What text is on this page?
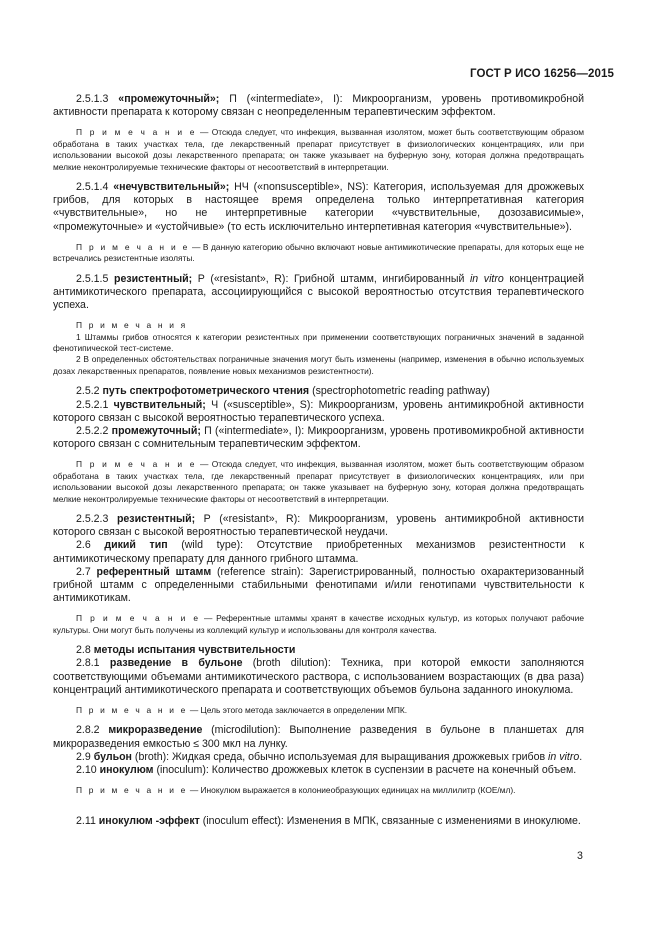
ГОСТ Р ИСО 16256—2015

2.5.1.3 «промежуточный»; П («intermediate», I): Микроорганизм, уровень противомикробной активности препарата к которому связан с неопределенным терапевтическим эффектом.

П р и м е ч а н и е — Отсюда следует, что инфекция, вызванная изолятом, может быть соответствующим образом обработана в таких участках тела, где лекарственный препарат присутствует в физиологических концентрациях, или при использовании высокой дозы лекарственного препарата; он также указывает на буферную зону, которая должна предотвращать мелкие неконтролируемые технические факторы от несоответствий в интерпретации.

2.5.1.4 «нечувствительный»; НЧ («nonsusceptible», NS): Категория, используемая для дрожжевых грибов, для которых в настоящее время определена только интерпретативная категория «чувствительные», но не интерпретивные категории «чувствительные, дозозависимые», «промежуточные» и «устойчивые» (то есть исключительно интерпетивная категория «чувствительные»).

П р и м е ч а н и е — В данную категорию обычно включают новые антимикотические препараты, для которых еще не встречались резистентные изоляты.

2.5.1.5 резистентный; Р («resistant», R): Грибной штамм, ингибированный in vitro концентрацией антимикотического препарата, ассоциирующийся с высокой вероятностью отсутствия терапевтического успеха.

П р и м е ч а н и я

1 Штаммы грибов относятся к категории резистентных при применении соответствующих пограничных значений в заданной фенотипической тест-системе.

2 В определенных обстоятельствах пограничные значения могут быть изменены (например, изменения в обычно используемых дозах лекарственных препаратов, появление новых механизмов резистентности).

2.5.2 путь спектрофотометрического чтения (spectrophotometric reading pathway)

2.5.2.1 чувствительный; Ч («susceptible», S): Микроорганизм, уровень антимикробной активности которого связан с высокой вероятностью терапевтического успеха.

2.5.2.2 промежуточный; П («intermediate», I): Микроорганизм, уровень противомикробной активности которого связан с сомнительным терапевтическим эффектом.

П р и м е ч а н и е — Отсюда следует, что инфекция, вызванная изолятом, может быть соответствующим образом обработана в таких участках тела, где лекарственный препарат присутствует в физиологических концентрациях, или при использовании высокой дозы лекарственного препарата; он также указывает на буферную зону, которая должна предотвращать мелкие неконтролируемые технические факторы от несоответствий в интерпретации.

2.5.2.3 резистентный; Р («resistant», R): Микроорганизм, уровень антимикробной активности которого связан с высокой вероятностью терапевтической неудачи.

2.6 дикий тип (wild type): Отсутствие приобретенных механизмов резистентности к антимикотическому препарату для данного грибного штамма.

2.7 референтный штамм (reference strain): Зарегистрированный, полностью охарактеризованный грибной штамм с определенными стабильными фенотипами и/или генотипами чувствительности к антимикотикам.

П р и м е ч а н и е — Референтные штаммы хранят в качестве исходных культур, из которых получают рабочие культуры. Они могут быть получены из коллекций культур и использованы для контроля качества.

2.8 методы испытания чувствительности

2.8.1 разведение в бульоне (broth dilution): Техника, при которой емкости заполняются соответствующими объемами антимикотического раствора, с использованием возрастающих (в два раза) концентраций антимикотического препарата и соответствующих объемов бульона заданного инокулюма.

П р и м е ч а н и е — Цель этого метода заключается в определении МПК.

2.8.2 микроразведение (microdilution): Выполнение разведения в бульоне в планшетах для микроразведения емкостью ≤ 300 мкл на лунку.

2.9 бульон (broth): Жидкая среда, обычно используемая для выращивания дрожжевых грибов in vitro.

2.10 инокулюм (inoculum): Количество дрожжевых клеток в суспензии в расчете на конечный объем.

П р и м е ч а н и е — Инокулюм выражается в колониеобразующих единицах на миллилитр (КОЕ/мл).

2.11 инокулюм -эффект (inoculum effect): Изменения в МПК, связанные с изменениями в инокулюме.

3
